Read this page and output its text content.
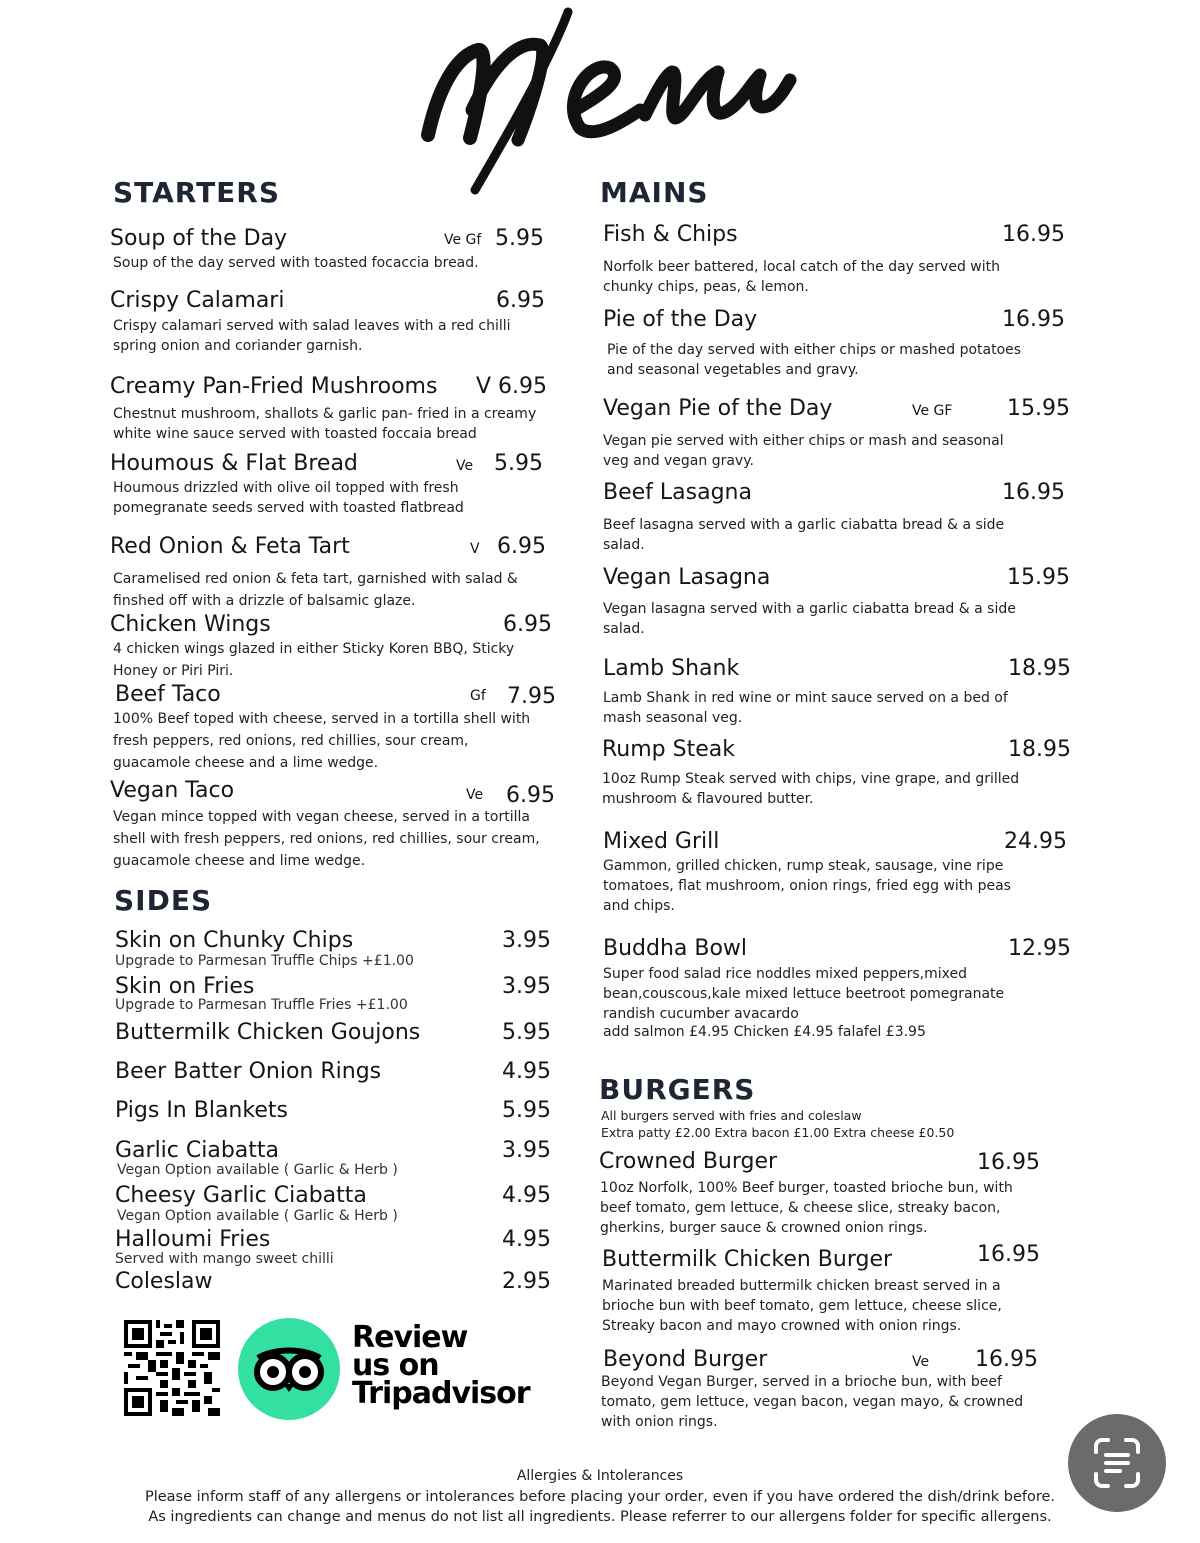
Menu
STARTERS
Soup of the Day	Ve Gf 5.95
Soup of the day served with toasted focaccia bread.
Crispy Calamari	6.95
Crispy calamari served with salad leaves with a red chilli spring onion and coriander garnish.
Creamy Pan-Fried Mushrooms V 6.95
Chestnut mushroom, shallots & garlic pan- fried in a creamy white wine sauce served with toasted foccaia bread
Houmous & Flat Bread	Ve 5.95
Houmous drizzled with olive oil topped with fresh pomegranate seeds served with toasted flatbread
Red Onion & Feta Tart	V 6.95
Caramelised red onion & feta tart, garnished with salad & finshed off with a drizzle of balsamic glaze.
Chicken Wings	6.95
4 chicken wings glazed in either Sticky Koren BBQ, Sticky Honey or Piri Piri.
Beef Taco	Gf 7.95
100% Beef toped with cheese, served in a tortilla shell with fresh peppers, red onions, red chillies, sour cream, guacamole cheese and a lime wedge.
Vegan Taco	Ve 6.95
Vegan mince topped with vegan cheese, served in a tortilla shell with fresh peppers, red onions, red chillies, sour cream, guacamole cheese and lime wedge.
SIDES
Skin on Chunky Chips	3.95
Upgrade to Parmesan Truffle Chips +£1.00
Skin on Fries	3.95
Upgrade to Parmesan Truffle Fries +£1.00
Buttermilk Chicken Goujons	5.95
Beer Batter Onion Rings	4.95
Pigs In Blankets	5.95
Garlic Ciabatta	3.95
Vegan Option available ( Garlic & Herb )
Cheesy Garlic Ciabatta	4.95
Vegan Option available ( Garlic & Herb )
Halloumi Fries	4.95
Served with mango sweet chilli
Coleslaw	2.95
Review
us on
Tripadvisor
MAINS
Fish & Chips	16.95
Norfolk beer battered, local catch of the day served with chunky chips, peas, & lemon.
Pie of the Day	16.95
Pie of the day served with either chips or mashed potatoes and seasonal vegetables and gravy.
Vegan Pie of the Day	Ve GF 15.95
Vegan pie served with either chips or mash and seasonal veg and vegan gravy.
Beef Lasagna	16.95
Beef lasagna served with a garlic ciabatta bread & a side salad.
Vegan Lasagna	15.95
Vegan lasagna served with a garlic ciabatta bread & a side salad.
Lamb Shank	18.95
Lamb Shank in red wine or mint sauce served on a bed of mash seasonal veg.
Rump Steak	18.95
10oz Rump Steak served with chips, vine grape, and grilled mushroom & flavoured butter.
Mixed Grill	24.95
Gammon, grilled chicken, rump steak, sausage, vine ripe tomatoes, flat mushroom, onion rings, fried egg with peas and chips.
Buddha Bowl	12.95
Super food salad rice noddles mixed peppers,mixed bean,couscous,kale mixed lettuce beetroot pomegranate randish cucumber avacardo
add salmon £4.95 Chicken £4.95 falafel £3.95
BURGERS
All burgers served with fries and coleslaw
Extra patty £2.00 Extra bacon £1.00 Extra cheese £0.50
Crowned Burger	16.95
10oz Norfolk, 100% Beef burger, toasted brioche bun, with beef tomato, gem lettuce, & cheese slice, streaky bacon, gherkins, burger sauce & crowned onion rings.
Buttermilk Chicken Burger	16.95
Marinated breaded buttermilk chicken breast served in a brioche bun with beef tomato, gem lettuce, cheese slice, Streaky bacon and mayo crowned with onion rings.
Beyond Burger	Ve 16.95
Beyond Vegan Burger, served in a brioche bun, with beef tomato, gem lettuce, vegan bacon, vegan mayo, & crowned with onion rings.
Allergies & Intolerances
Please inform staff of any allergens or intolerances before placing your order, even if you have ordered the dish/drink before.
As ingredients can change and menus do not list all ingredients. Please referrer to our allergens folder for specific allergens.
